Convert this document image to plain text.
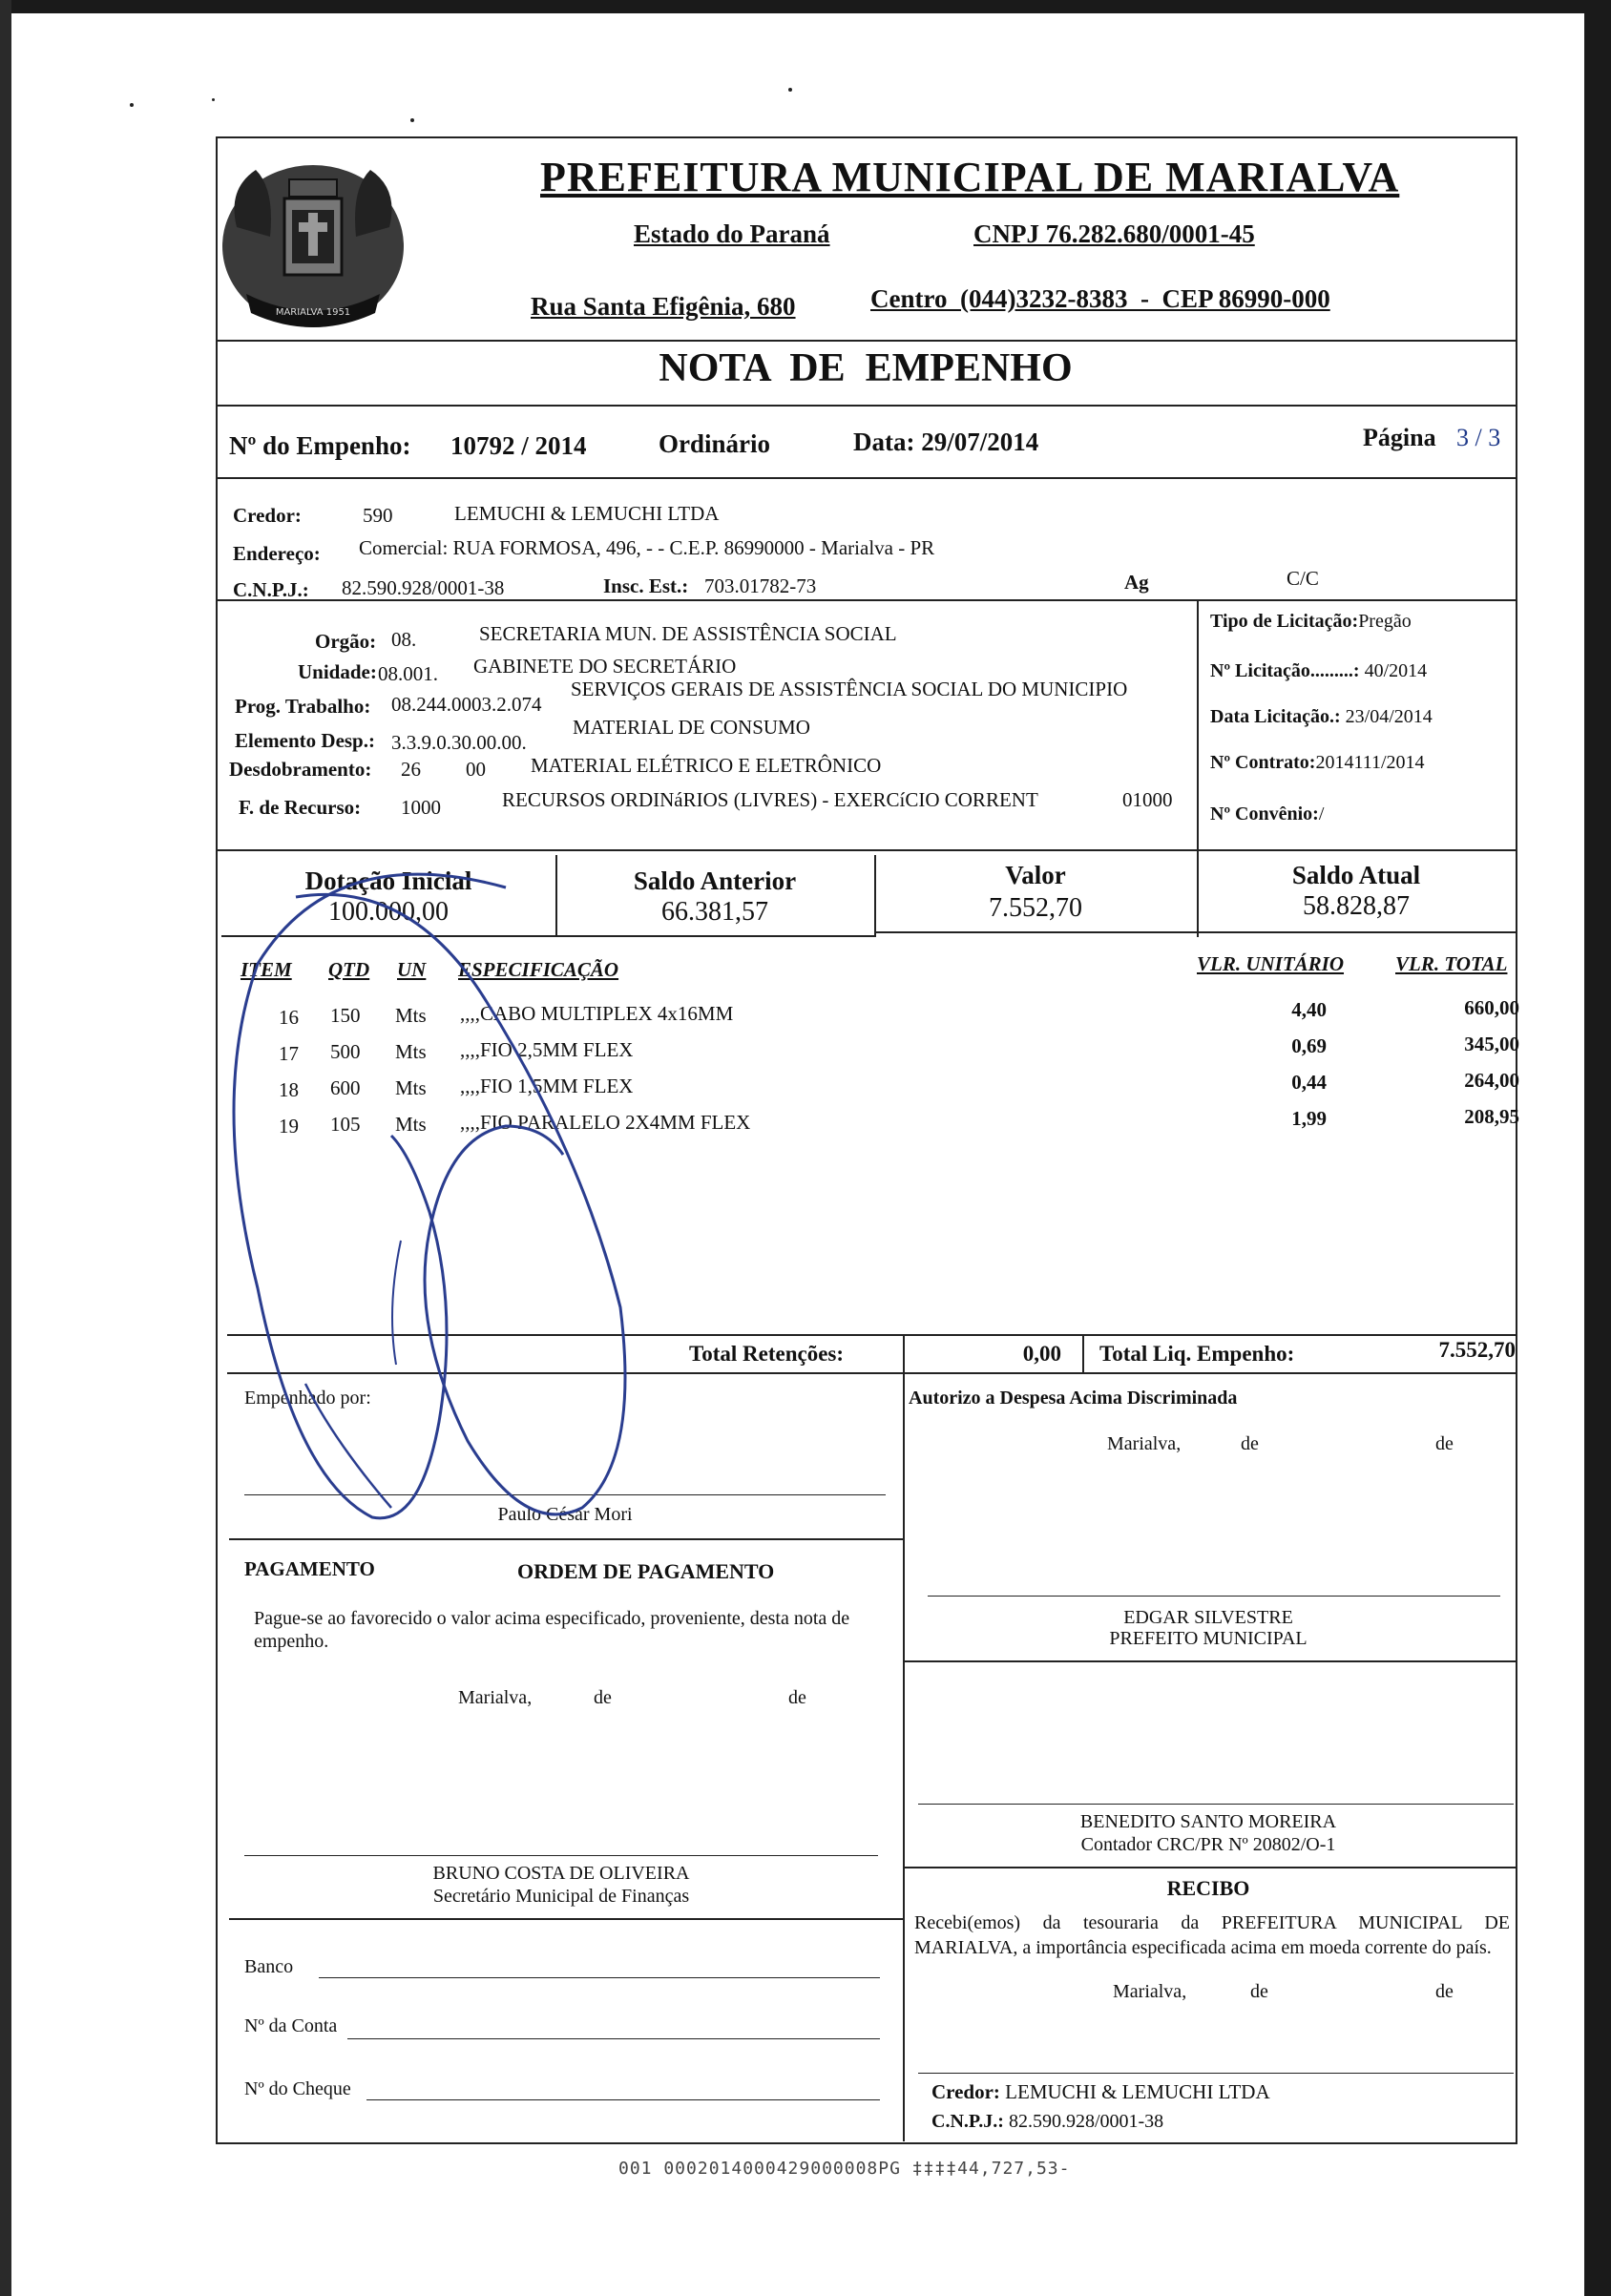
MARIALVA 1951
PREFEITURA MUNICIPAL DE MARIALVA
Estado do Paraná	CNPJ 76.282.680/0001-45
Rua Santa Efigênia, 680	Centro  (044)3232-8383  -  CEP 86990-000
NOTA  DE  EMPENHO
Nº do Empenho: 10792 / 2014	Ordinário	Data: 29/07/2014	Página 3 / 3
Credor:	590	LEMUCHI & LEMUCHI LTDA
Endereço: Comercial: RUA FORMOSA, 496, - - C.E.P. 86990000 - Marialva - PR
C.N.P.J.: 82.590.928/0001-38	Insc. Est.: 703.01782-73	Ag	C/C
Orgão: 08.	SECRETARIA MUN. DE ASSISTÊNCIA SOCIAL
Unidade: 08.001. GABINETE DO SECRETÁRIO
Prog. Trabalho: 08.244.0003.2.074
SERVIÇOS GERAIS DE ASSISTÊNCIA SOCIAL DO MUNICIPIO
Elemento Desp.: 3.3.9.0.30.00.00.
MATERIAL DE CONSUMO
Desdobramento: 26 00 MATERIAL ELÉTRICO E ELETRÔNICO
F. de Recurso: 1000	RECURSOS ORDINáRIOS (LIVRES) - EXERCíCIO CORRENT	01000
Tipo de Licitação:Pregão
Nº Licitação.........: 40/2014
Data Licitação.: 23/04/2014
Nº Contrato:2014111/2014
Nº Convênio:/
Dotação Inicial
100.000,00
Saldo Anterior
66.381,57
Valor
7.552,70
Saldo Atual
58.828,87
ITEM QTD UN ESPECIFICAÇÃO	VLR. UNITÁRIO	VLR. TOTAL
16 150 Mts ,,,,CABO MULTIPLEX 4x16MM	4,40	660,00
17 500 Mts ,,,,FIO 2,5MM FLEX	0,69	345,00
18 600 Mts ,,,,FIO 1,5MM FLEX	0,44	264,00
19 105 Mts ,,,,FIO PARALELO 2X4MM FLEX	1,99	208,95
Total Retenções:	0,00 Total Liq. Empenho:	7.552,70
Empenhado por:
Paulo César Mori
Autorizo a Despesa Acima Discriminada
Marialva,	de	de
PAGAMENTO	ORDEM DE PAGAMENTO
Pague-se ao favorecido o valor acima especificado, proveniente, desta nota de empenho.
Marialva,	de	de
EDGAR SILVESTRE
PREFEITO MUNICIPAL
BENEDITO SANTO MOREIRA
Contador CRC/PR Nº 20802/O-1
BRUNO COSTA DE OLIVEIRA
Secretário Municipal de Finanças	RECIBO
Recebi(emos) da tesouraria da PREFEITURA MUNICIPAL DE MARIALVA, a importância especificada acima em moeda corrente do país.
Marialva,	de	de
Banco
Nº da Conta
Nº do Cheque	Credor: LEMUCHI & LEMUCHI LTDA
C.N.P.J.: 82.590.928/0001-38
001 0002014000429000008PG ‡‡‡‡44,727,53-
